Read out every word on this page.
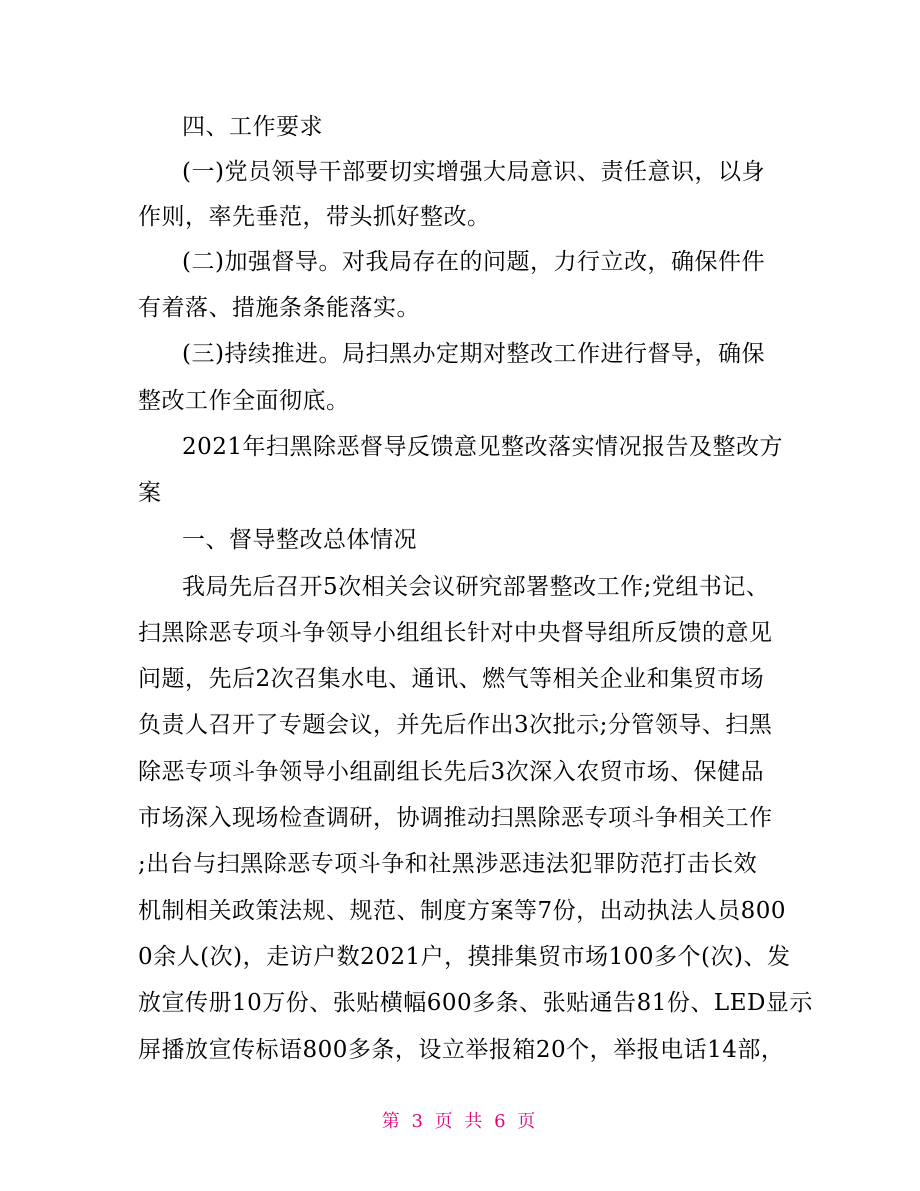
四、工作要求
(一)党员领导干部要切实增强大局意识、责任意识，以身
作则，率先垂范，带头抓好整改。
(二)加强督导。对我局存在的问题，力行立改，确保件件
有着落、措施条条能落实。
(三)持续推进。局扫黑办定期对整改工作进行督导，确保
整改工作全面彻底。
2021年扫黑除恶督导反馈意见整改落实情况报告及整改方
案
一、督导整改总体情况
我局先后召开5次相关会议研究部署整改工作;党组书记、
扫黑除恶专项斗争领导小组组长针对中央督导组所反馈的意见
问题，先后2次召集水电、通讯、燃气等相关企业和集贸市场
负责人召开了专题会议，并先后作出3次批示;分管领导、扫黑
除恶专项斗争领导小组副组长先后3次深入农贸市场、保健品
市场深入现场检查调研，协调推动扫黑除恶专项斗争相关工作
;出台与扫黑除恶专项斗争和社黑涉恶违法犯罪防范打击长效
机制相关政策法规、规范、制度方案等7份，出动执法人员800
0余人(次)，走访户数2021户，摸排集贸市场100多个(次)、发
放宣传册10万份、张贴横幅600多条、张贴通告81份、LED显示
屏播放宣传标语800多条，设立举报箱20个，举报电话14部，
第 3 页 共 6 页
